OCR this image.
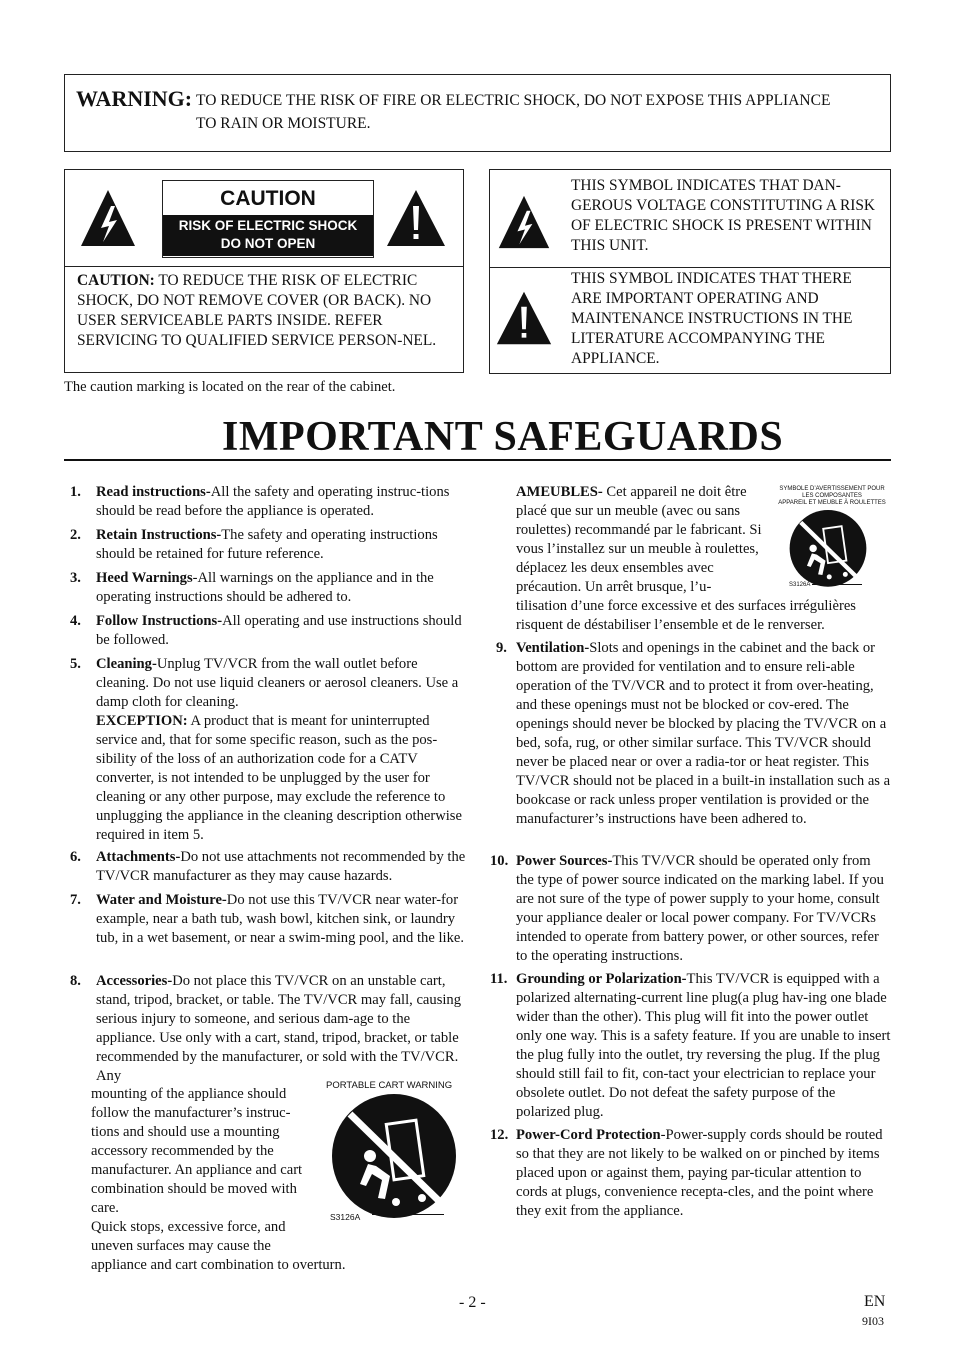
WARNING: TO REDUCE THE RISK OF FIRE OR ELECTRIC SHOCK, DO NOT EXPOSE THIS APPLIANCE
TO RAIN OR MOISTURE.
CAUTION
RISK OF ELECTRIC SHOCK
DO NOT OPEN
CAUTION: TO REDUCE THE RISK OF ELECTRIC SHOCK, DO NOT REMOVE COVER (OR BACK). NO USER SERVICEABLE PARTS INSIDE. REFER SERVICING TO QUALIFIED SERVICE PERSON-NEL.
The caution marking is located on the rear of the cabinet.
THIS SYMBOL INDICATES THAT DAN-GEROUS VOLTAGE CONSTITUTING A RISK OF ELECTRIC SHOCK IS PRESENT WITHIN THIS UNIT.
THIS SYMBOL INDICATES THAT THERE ARE IMPORTANT OPERATING AND MAINTENANCE INSTRUCTIONS IN THE LITERATURE ACCOMPANYING THE APPLIANCE.
IMPORTANT SAFEGUARDS
1. Read instructions-All the safety and operating instruc-tions should be read before the appliance is operated.
2. Retain Instructions-The safety and operating instructions should be retained for future reference.
3. Heed Warnings-All warnings on the appliance and in the operating instructions should be adhered to.
4. Follow Instructions-All operating and use instructions should be followed.
5. Cleaning-Unplug TV/VCR from the wall outlet before cleaning. Do not use liquid cleaners or aerosol cleaners. Use a damp cloth for cleaning.
EXCEPTION: A product that is meant for uninterrupted service and, that for some specific reason, such as the pos-sibility of the loss of an authorization code for a CATV converter, is not intended to be unplugged by the user for cleaning or any other purpose, may exclude the reference to unplugging the appliance in the cleaning description otherwise required in item 5.
6. Attachments-Do not use attachments not recommended by the TV/VCR manufacturer as they may cause hazards.
7. Water and Moisture-Do not use this TV/VCR near water-for example, near a bath tub, wash bowl, kitchen sink, or laundry tub, in a wet basement, or near a swim-ming pool, and the like.
8. Accessories-Do not place this TV/VCR on an unstable cart, stand, tripod, bracket, or table. The TV/VCR may fall, causing serious injury to someone, and serious dam-age to the appliance. Use only with a cart, stand, tripod, bracket, or table recommended by the manufacturer, or sold with the TV/VCR. Any
mounting of the appliance should follow the manufacturer’s instruc-tions and should use a mounting accessory recommended by the manufacturer. An appliance and cart combination should be moved with care.
Quick stops, excessive force, and uneven surfaces may cause the
appliance and cart combination to overturn.
PORTABLE CART WARNING
S3126A
AMEUBLES- Cet appareil ne doit être placé que sur un meuble (avec ou sans roulettes) recommandé par le fabricant. Si vous l’installez sur un meuble à roulettes, déplacez les deux ensembles avec précaution. Un arrêt brusque, l’u-
tilisation d’une force excessive et des surfaces irrégulières risquent de déstabiliser l’ensemble et de le renverser.
SYMBOLE D’AVERTISSEMENT POUR
LES COMPOSANTES
APPAREIL ET MEUBLE À ROULETTES
S3126A
9. Ventilation-Slots and openings in the cabinet and the back or bottom are provided for ventilation and to ensure reli-able operation of the TV/VCR and to protect it from over-heating, and these openings must not be blocked or cov-ered. The openings should never be blocked by placing the TV/VCR on a bed, sofa, rug, or other similar surface. This TV/VCR should never be placed near or over a radia-tor or heat register. This TV/VCR should not be placed in a built-in installation such as a bookcase or rack unless proper ventilation is provided or the manufacturer’s instructions have been adhered to.
10. Power Sources-This TV/VCR should be operated only from the type of power source indicated on the marking label. If you are not sure of the type of power supply to your home, consult your appliance dealer or local power company. For TV/VCRs intended to operate from battery power, or other sources, refer to the operating instructions.
11. Grounding or Polarization-This TV/VCR is equipped with a polarized alternating-current line plug(a plug hav-ing one blade wider than the other). This plug will fit into the power outlet only one way. This is a safety feature. If you are unable to insert the plug fully into the outlet, try reversing the plug. If the plug should still fail to fit, con-tact your electrician to replace your obsolete outlet. Do not defeat the safety purpose of the polarized plug.
12. Power-Cord Protection-Power-supply cords should be routed so that they are not likely to be walked on or pinched by items placed upon or against them, paying par-ticular attention to cords at plugs, convenience recepta-cles, and the point where they exit from the appliance.
- 2 -	EN
9I03
